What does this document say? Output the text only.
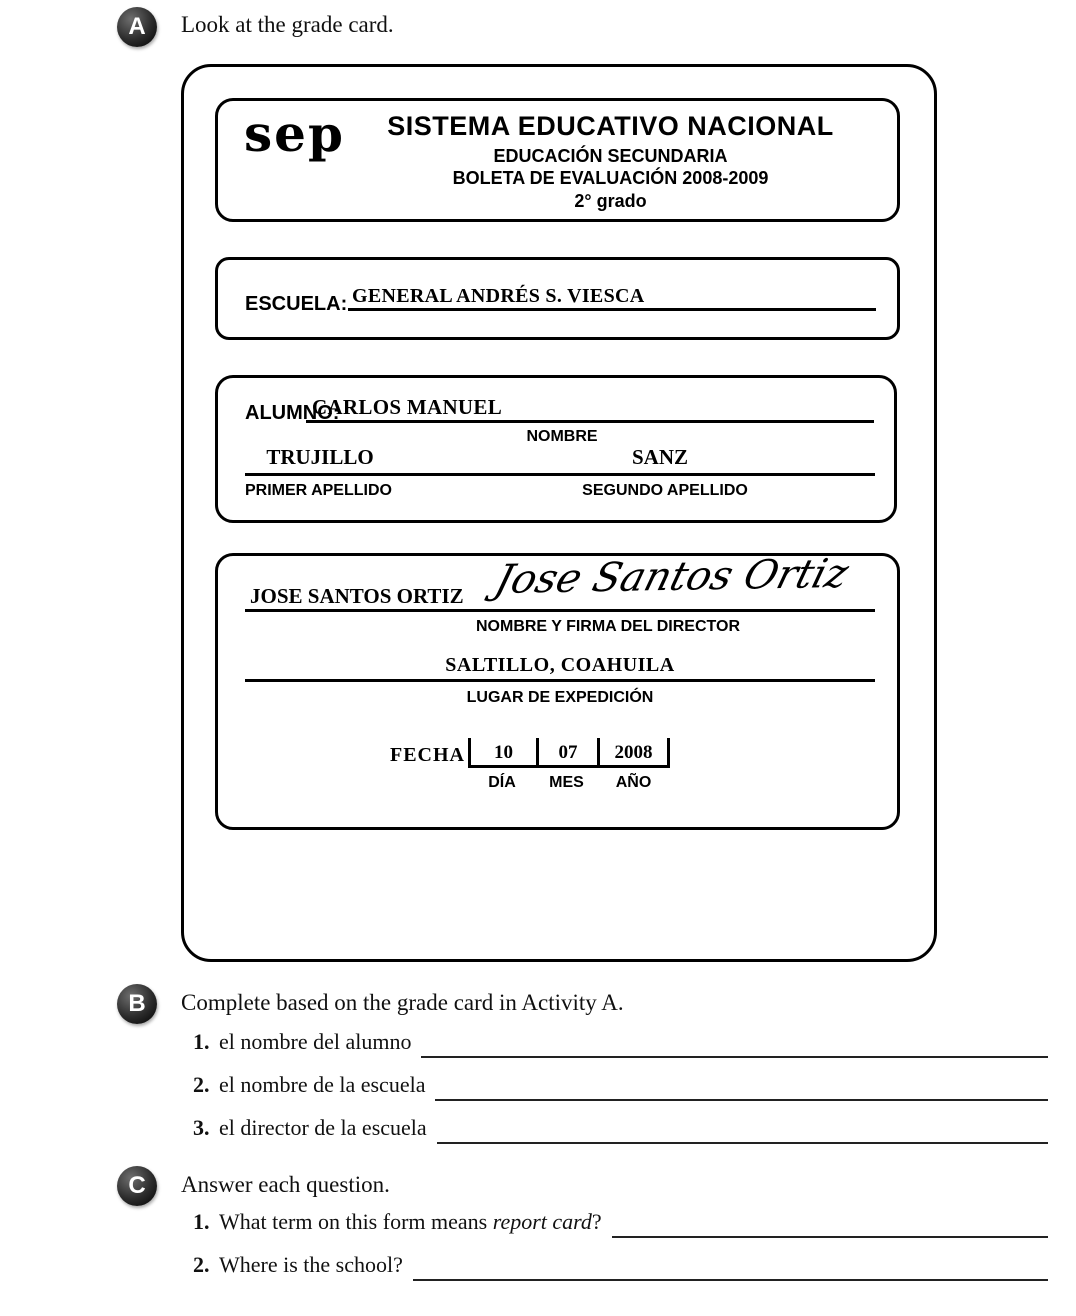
A Look at the grade card.
sep	SISTEMA EDUCATIVO NACIONAL
EDUCACIÓN SECUNDARIA
BOLETA DE EVALUACIÓN 2008-2009
2° grado
ESCUELA: GENERAL ANDRÉS S. VIESCA
ALUMNO:
CARLOS MANUEL
NOMBRE
TRUJILLO	SANZ
PRIMER APELLIDO	SEGUNDO APELLIDO
JOSE SANTOS ORTIZ Jose Santos Ortiz
NOMBRE Y FIRMA DEL DIRECTOR
SALTILLO, COAHUILA
LUGAR DE EXPEDICIÓN
FECHA	10	07	2008
DÍA	MES	AÑO
B Complete based on the grade card in Activity A.
1. el nombre del alumno
2. el nombre de la escuela
3. el director de la escuela
C Answer each question.
1. What term on this form means report card?
2. Where is the school?
